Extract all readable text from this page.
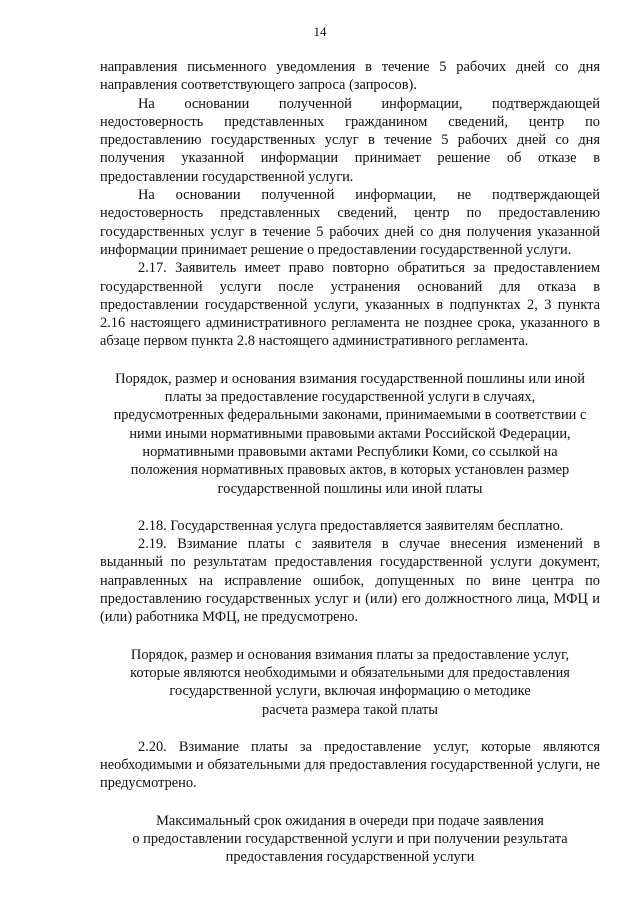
14

направления письменного уведомления в течение 5 рабочих дней со дня направления соответствующего запроса (запросов).

На основании полученной информации, подтверждающей недостоверность представленных гражданином сведений, центр по предоставлению государственных услуг в течение 5 рабочих дней со дня получения указанной информации принимает решение об отказе в предоставлении государственной услуги.

На основании полученной информации, не подтверждающей недостоверность представленных сведений, центр по предоставлению государственных услуг в течение 5 рабочих дней со дня получения указанной информации принимает решение о предоставлении государственной услуги.

2.17. Заявитель имеет право повторно обратиться за предоставлением государственной услуги после устранения оснований для отказа в предоставлении государственной услуги, указанных в подпунктах 2, 3 пункта 2.16 настоящего административного регламента не позднее срока, указанного в абзаце первом пункта 2.8 настоящего административного регламента.

Порядок, размер и основания взимания государственной пошлины или иной
платы за предоставление государственной услуги в случаях,
предусмотренных федеральными законами, принимаемыми в соответствии с
ними иными нормативными правовыми актами Российской Федерации,
нормативными правовыми актами Республики Коми, со ссылкой на
положения нормативных правовых актов, в которых установлен размер
государственной пошлины или иной платы

2.18. Государственная услуга предоставляется заявителям бесплатно.

2.19. Взимание платы с заявителя в случае внесения изменений в выданный по результатам предоставления государственной услуги документ, направленных на исправление ошибок, допущенных по вине центра по предоставлению государственных услуг и (или) его должностного лица, МФЦ и (или) работника МФЦ, не предусмотрено.

Порядок, размер и основания взимания платы за предоставление услуг,
которые являются необходимыми и обязательными для предоставления
государственной услуги, включая информацию о методике
расчета размера такой платы

2.20. Взимание платы за предоставление услуг, которые являются необходимыми и обязательными для предоставления государственной услуги, не предусмотрено.

Максимальный срок ожидания в очереди при подаче заявления
о предоставлении государственной услуги и при получении результата
предоставления государственной услуги
